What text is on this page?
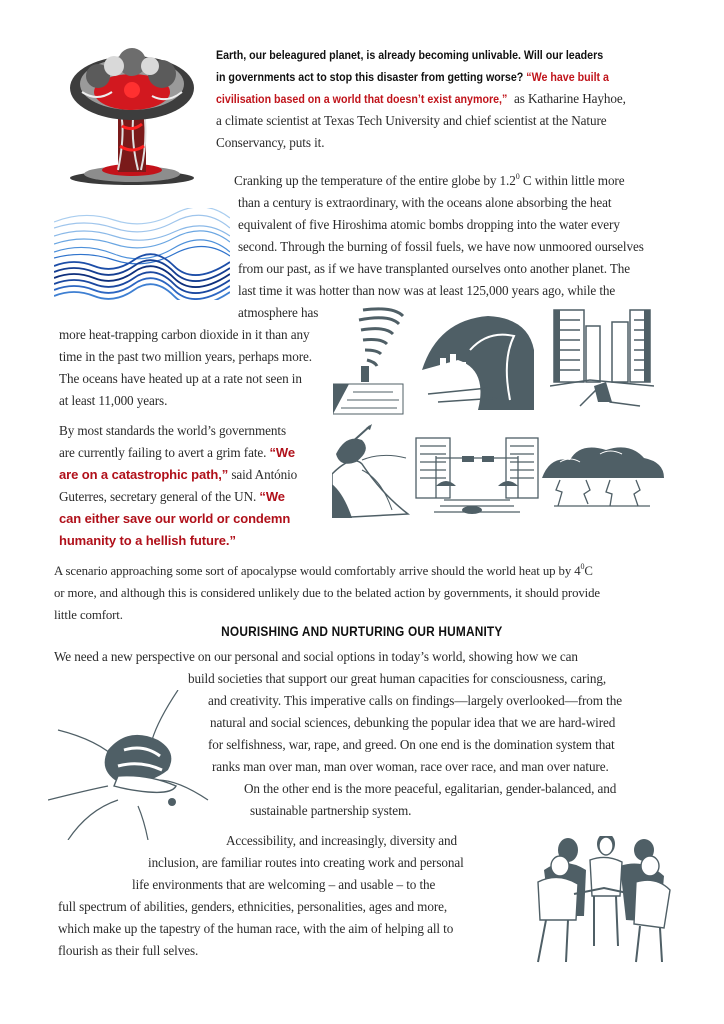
Earth, our beleagured planet, is already becoming unlivable. Will our leaders
in governments act to stop this disaster from getting worse? “We have built a
civilisation based on a world that doesn’t exist anymore,” as Katharine Hayhoe,
a climate scientist at Texas Tech University and chief scientist at the Nature
Conservancy, puts it.
Cranking up the temperature of the entire globe by $1.2^0$ C within little more
than a century is extraordinary, with the oceans alone absorbing the heat
equivalent of five Hiroshima atomic bombs dropping into the water every
second. Through the burning of fossil fuels, we have now unmoored ourselves
from our past, as if we have transplanted ourselves onto another planet. The
last time it was hotter than now was at least 125,000 years ago, while the
atmosphere has
more heat-trapping carbon dioxide in it than any
time in the past two million years, perhaps more.
The oceans have heated up at a rate not seen in
at least 11,000 years.
By most standards the world’s governments
are currently failing to avert a grim fate. “We
are on a catastrophic path,” said António
Guterres, secretary general of the UN. “We
can either save our world or condemn
humanity to a hellish future.”
A scenario approaching some sort of apocalypse would comfortably arrive should the world heat up by $4^0C$
or more, and although this is considered unlikely due to the belated action by governments, it should provide
little comfort.
NOURISHING AND NURTURING OUR HUMANITY
We need a new perspective on our personal and social options in today’s world, showing how we can
build societies that support our great human capacities for consciousness, caring,
and creativity. This imperative calls on findings—largely overlooked—from the
natural and social sciences, debunking the popular idea that we are hard-wired
for selfishness, war, rape, and greed. On one end is the domination system that
ranks man over man, man over woman, race over race, and man over nature.
On the other end is the more peaceful, egalitarian, gender-balanced, and
sustainable partnership system.
Accessibility, and increasingly, diversity and
inclusion, are familiar routes into creating work and personal
life environments that are welcoming – and usable – to the
full spectrum of abilities, genders, ethnicities, personalities, ages and more,
which make up the tapestry of the human race, with the aim of helping all to
flourish as their full selves.
